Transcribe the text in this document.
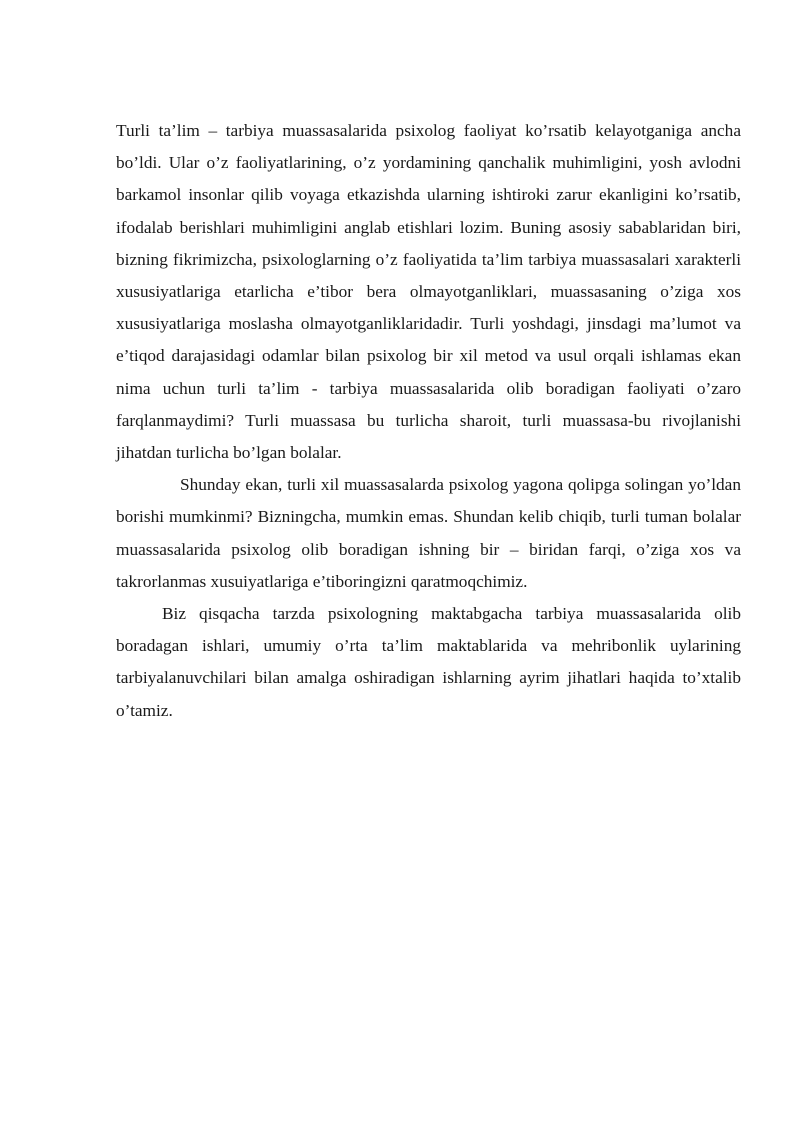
Turli ta’lim – tarbiya muassasalarida psixolog faoliyat ko’rsatib kelayotganiga ancha bo’ldi. Ular o’z faoliyatlarining, o’z yordamining qanchalik muhimligini, yosh avlodni barkamol insonlar qilib voyaga etkazishda ularning ishtiroki zarur ekanligini ko’rsatib, ifodalab berishlari muhimligini anglab etishlari lozim. Buning asosiy sabablaridan biri, bizning fikrimizcha, psixologlarning o’z faoliyatida ta’lim tarbiya muassasalari xarakterli xususiyatlariga etarlicha e’tibor bera olmayotganliklari, muassasaning o’ziga xos xususiyatlariga moslasha olmayotganliklaridadir. Turli yoshdagi, jinsdagi ma’lumot va e’tiqod darajasidagi odamlar bilan psixolog bir xil metod va usul orqali ishlamas ekan nima uchun turli ta’lim - tarbiya muassasalarida olib boradigan faoliyati o’zaro farqlanmaydimi? Turli muassasa bu turlicha sharoit, turli muassasa-bu rivojlanishi jihatdan turlicha bo’lgan bolalar.

Shunday ekan, turli xil muassasalarda psixolog yagona qolipga solingan yo’ldan borishi mumkinmi? Bizningcha, mumkin emas. Shundan kelib chiqib, turli tuman bolalar muassasalarida psixolog olib boradigan ishning bir – biridan farqi, o’ziga xos va takrorlanmas xusuiyatlariga e’tiboringizni qaratmoqchimiz.

Biz qisqacha tarzda psixologning maktabgacha tarbiya muassasalarida olib boradagan ishlari, umumiy o’rta ta’lim maktablarida va mehribonlik uylarining tarbiyalanuvchilari bilan amalga oshiradigan ishlarning ayrim jihatlari haqida to’xtalib o’tamiz.
